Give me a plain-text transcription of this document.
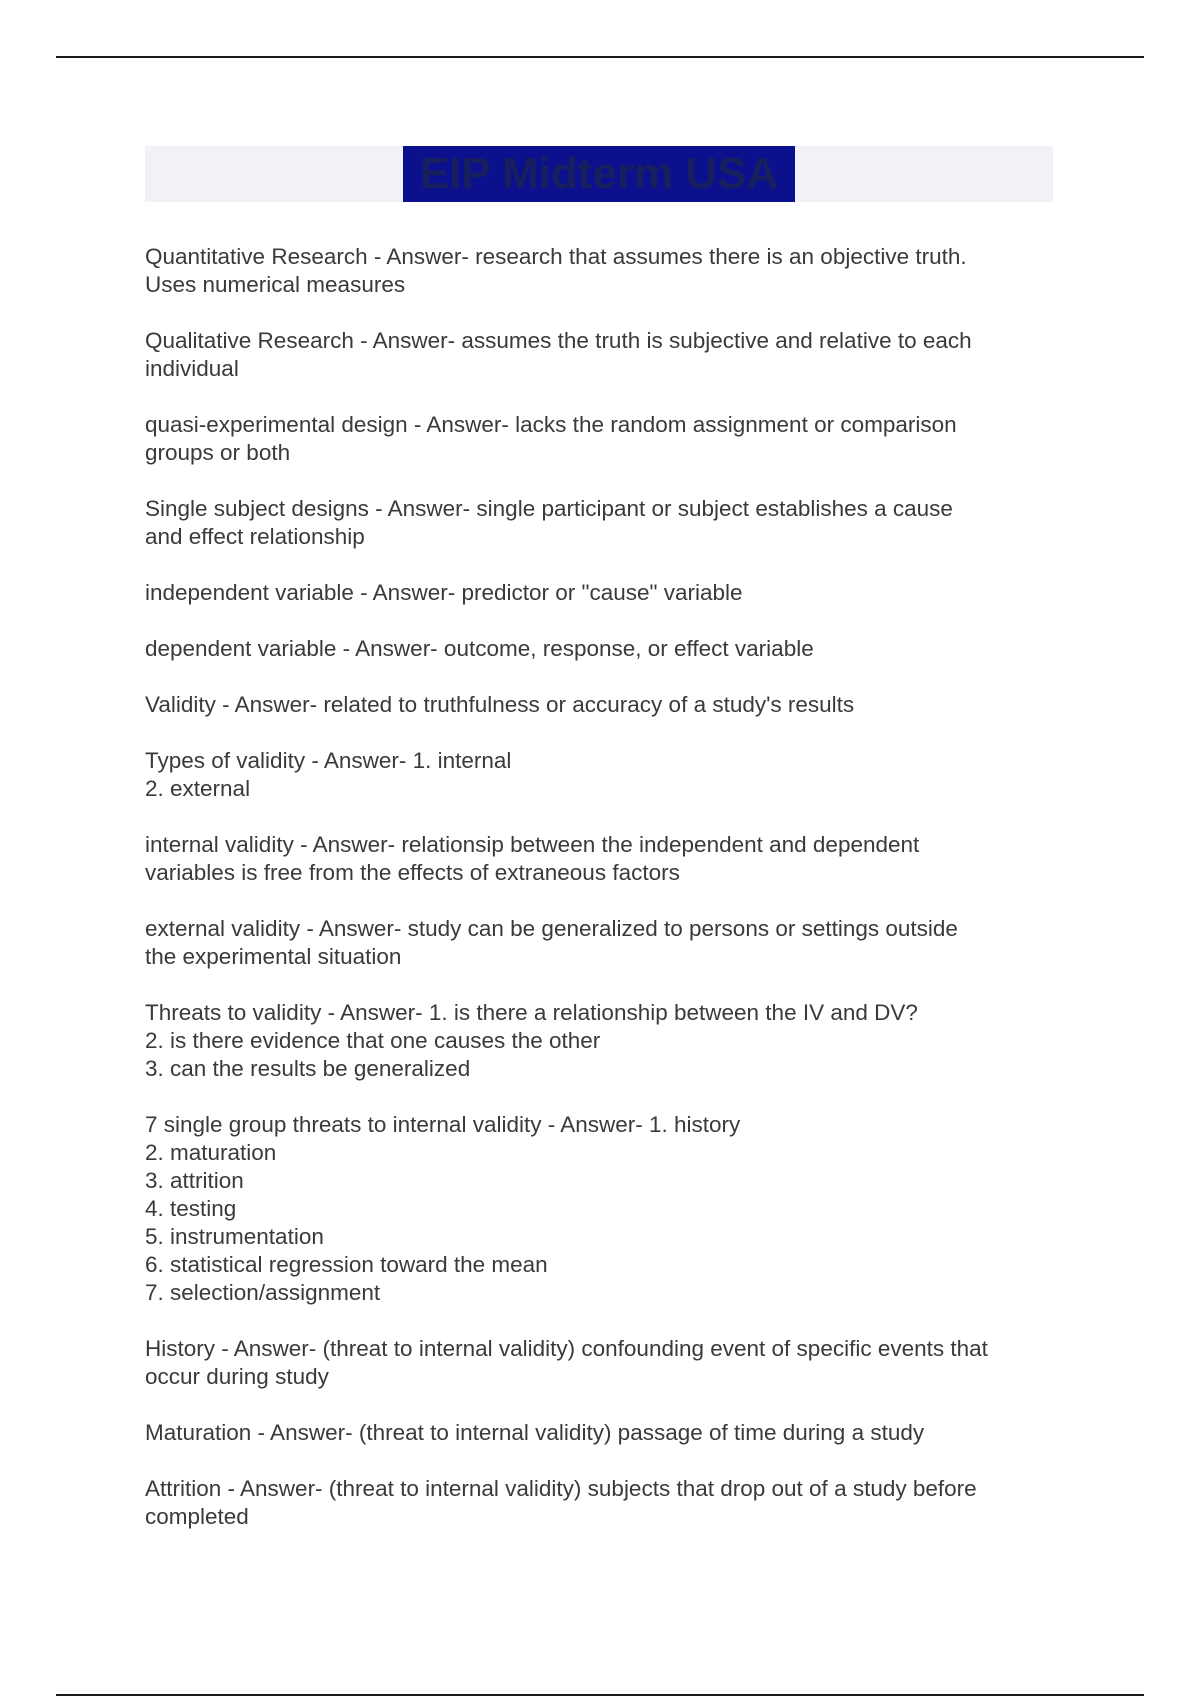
EIP Midterm USA
Quantitative Research - Answer- research that assumes there is an objective truth.
Uses numerical measures
Qualitative Research - Answer- assumes the truth is subjective and relative to each
individual
quasi-experimental design - Answer- lacks the random assignment or comparison
groups or both
Single subject designs - Answer- single participant or subject establishes a cause
and effect relationship
independent variable - Answer- predictor or "cause" variable
dependent variable - Answer- outcome, response, or effect variable
Validity - Answer- related to truthfulness or accuracy of a study's results
Types of validity - Answer- 1. internal
2. external
internal validity - Answer- relationsip between the independent and dependent
variables is free from the effects of extraneous factors
external validity - Answer- study can be generalized to persons or settings outside
the experimental situation
Threats to validity - Answer- 1. is there a relationship between the IV and DV?
2. is there evidence that one causes the other
3. can the results be generalized
7 single group threats to internal validity - Answer- 1. history
2. maturation
3. attrition
4. testing
5. instrumentation
6. statistical regression toward the mean
7. selection/assignment
History - Answer- (threat to internal validity) confounding event of specific events that
occur during study
Maturation - Answer- (threat to internal validity) passage of time during a study
Attrition - Answer- (threat to internal validity) subjects that drop out of a study before
completed
